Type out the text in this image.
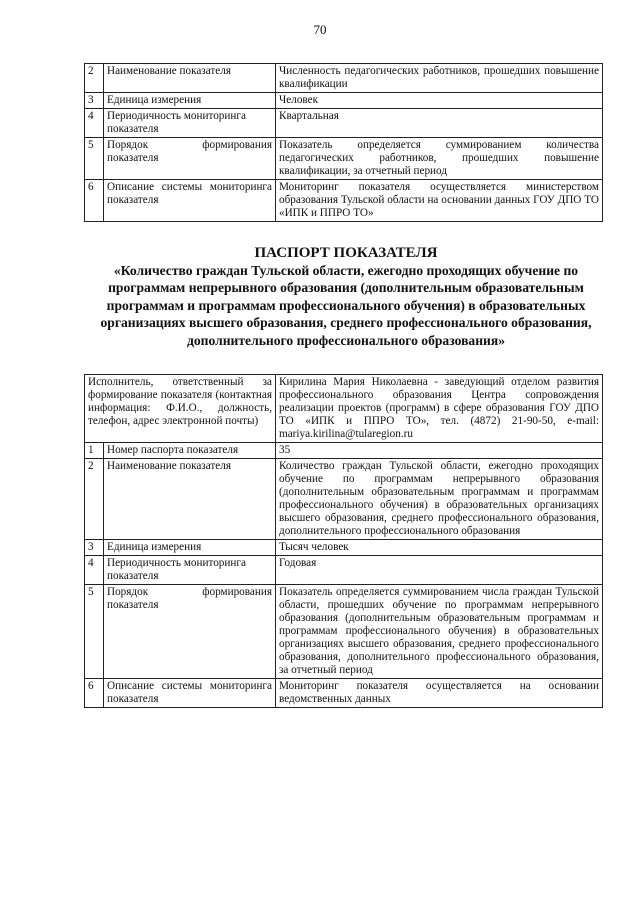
70
2	Наименование показателя	Численность педагогических работников, прошедших повышение квалификации
3	Единица измерения	Человек
4	Периодичность мониторинга показателя	Квартальная
5	Порядок формирования показателя	Показатель определяется суммированием количества педагогических работников, прошедших повышение квалификации, за отчетный период
6	Описание системы мониторинга показателя	Мониторинг показателя осуществляется министерством образования Тульской области на основании данных ГОУ ДПО ТО «ИПК и ППРО ТО»
ПАСПОРТ ПОКАЗАТЕЛЯ
«Количество граждан Тульской области, ежегодно проходящих обучение по программам непрерывного образования (дополнительным образовательным программам и программам профессионального обучения) в образовательных организациях высшего образования, среднего профессионального образования, дополнительного профессионального образования»
Исполнитель, ответственный за формирование показателя (контактная информация: Ф.И.О., должность, телефон, адрес электронной почты)		Кирилина Мария Николаевна - заведующий отделом развития профессионального образования Центра сопровождения реализации проектов (программ) в сфере образования ГОУ ДПО ТО «ИПК и ППРО ТО», тел. (4872) 21-90-50, e-mail: mariya.kirilina@tularegion.ru
1	Номер паспорта показателя	35
2	Наименование показателя	Количество граждан Тульской области, ежегодно проходящих обучение по программам непрерывного образования (дополнительным образовательным программам и программам профессионального обучения) в образовательных организациях высшего образования, среднего профессионального образования, дополнительного профессионального образования
3	Единица измерения	Тысяч человек
4	Периодичность мониторинга показателя	Годовая
5	Порядок формирования показателя	Показатель определяется суммированием числа граждан Тульской области, прошедших обучение по программам непрерывного образования (дополнительным образовательным программам и программам профессионального обучения) в образовательных организациях высшего образования, среднего профессионального образования, дополнительного профессионального образования, за отчетный период
6	Описание системы мониторинга показателя	Мониторинг показателя осуществляется на основании ведомственных данных
